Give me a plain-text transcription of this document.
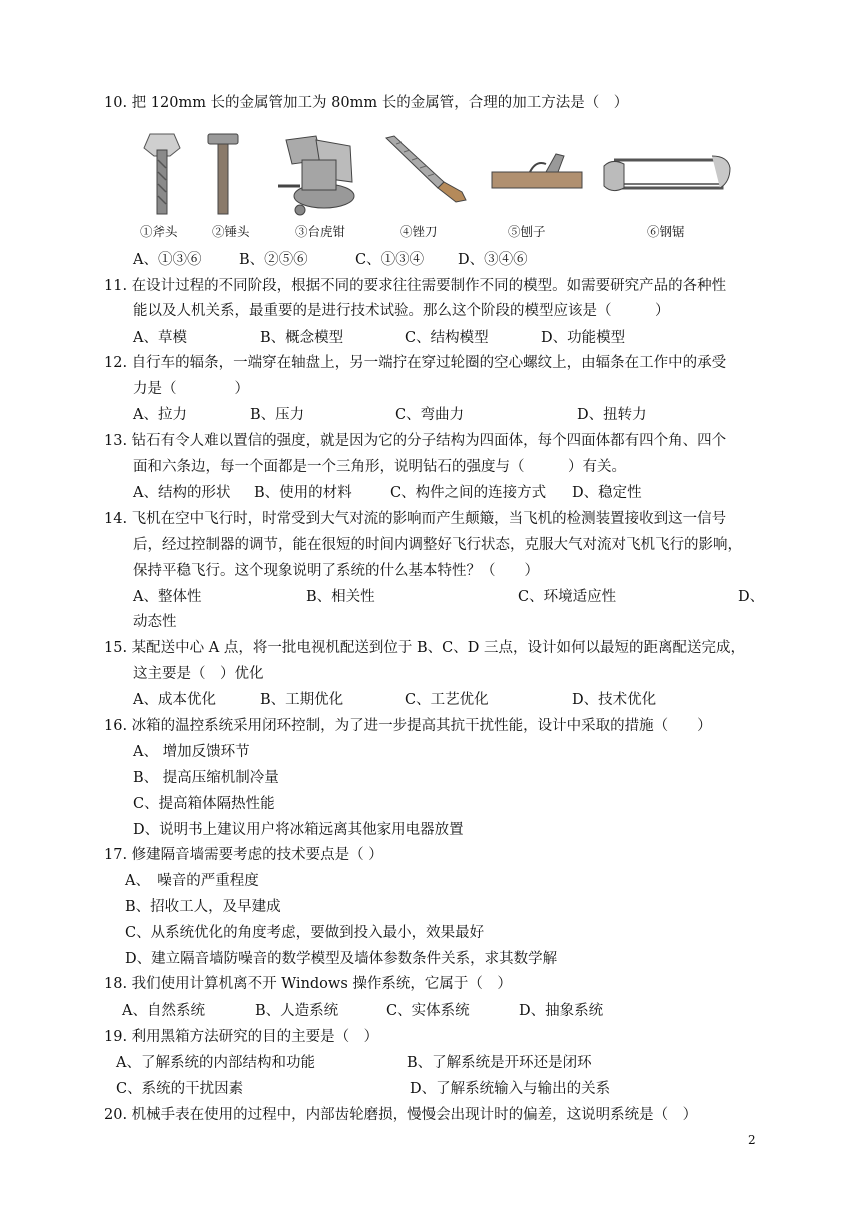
10. 把 120mm 长的金属管加工为 80mm 长的金属管，合理的加工方法是（　）
①斧头	②锤头	③台虎钳	④锉刀	⑤刨子	⑥钢锯
A、①③⑥	B、②⑤⑥	C、①③④ D、③④⑥
11. 在设计过程的不同阶段，根据不同的要求往往需要制作不同的模型。如需要研究产品的各种性
能以及人机关系，最重要的是进行技术试验。那么这个阶段的模型应该是（　　　）
A、草模	B、概念模型	C、结构模型	D、功能模型
12. 自行车的辐条，一端穿在轴盘上，另一端拧在穿过轮圈的空心螺纹上，由辐条在工作中的承受
力是（　　　　）
A、拉力	B、压力	C、弯曲力	D、扭转力
13. 钻石有令人难以置信的强度，就是因为它的分子结构为四面体，每个四面体都有四个角、四个
面和六条边，每一个面都是一个三角形，说明钻石的强度与（　　　）有关。
A、结构的形状 B、使用的材料	C、构件之间的连接方式 D、稳定性
14. 飞机在空中飞行时，时常受到大气对流的影响而产生颠簸，当飞机的检测装置接收到这一信号
后，经过控制器的调节，能在很短的时间内调整好飞行状态，克服大气对流对飞机飞行的影响，
保持平稳飞行。这个现象说明了系统的什么基本特性？（　　）
A、整体性	B、相关性	C、环境适应性	D、
动态性
15. 某配送中心 A 点，将一批电视机配送到位于 B、C、D 三点，设计如何以最短的距离配送完成，
这主要是（　）优化
A、成本优化	B、工期优化	C、工艺优化	D、技术优化
16. 冰箱的温控系统采用闭环控制，为了进一步提高其抗干扰性能，设计中采取的措施（　　）
A、 增加反馈环节
B、 提高压缩机制冷量
C、提高箱体隔热性能
D、说明书上建议用户将冰箱远离其他家用电器放置
17. 修建隔音墙需要考虑的技术要点是（ ）
A、　噪音的严重程度
B、招收工人，及早建成
C、从系统优化的角度考虑，要做到投入最小，效果最好
D、建立隔音墙防噪音的数学模型及墙体参数条件关系，求其数学解
18. 我们使用计算机离不开 Windows 操作系统，它属于（　）
A、自然系统	B、人造系统	C、实体系统	D、抽象系统
19. 利用黑箱方法研究的目的主要是（　）
A、了解系统的内部结构和功能	B、了解系统是开环还是闭环
C、系统的干扰因素	D、了解系统输入与输出的关系
20. 机械手表在使用的过程中，内部齿轮磨损，慢慢会出现计时的偏差，这说明系统是（　）
2
